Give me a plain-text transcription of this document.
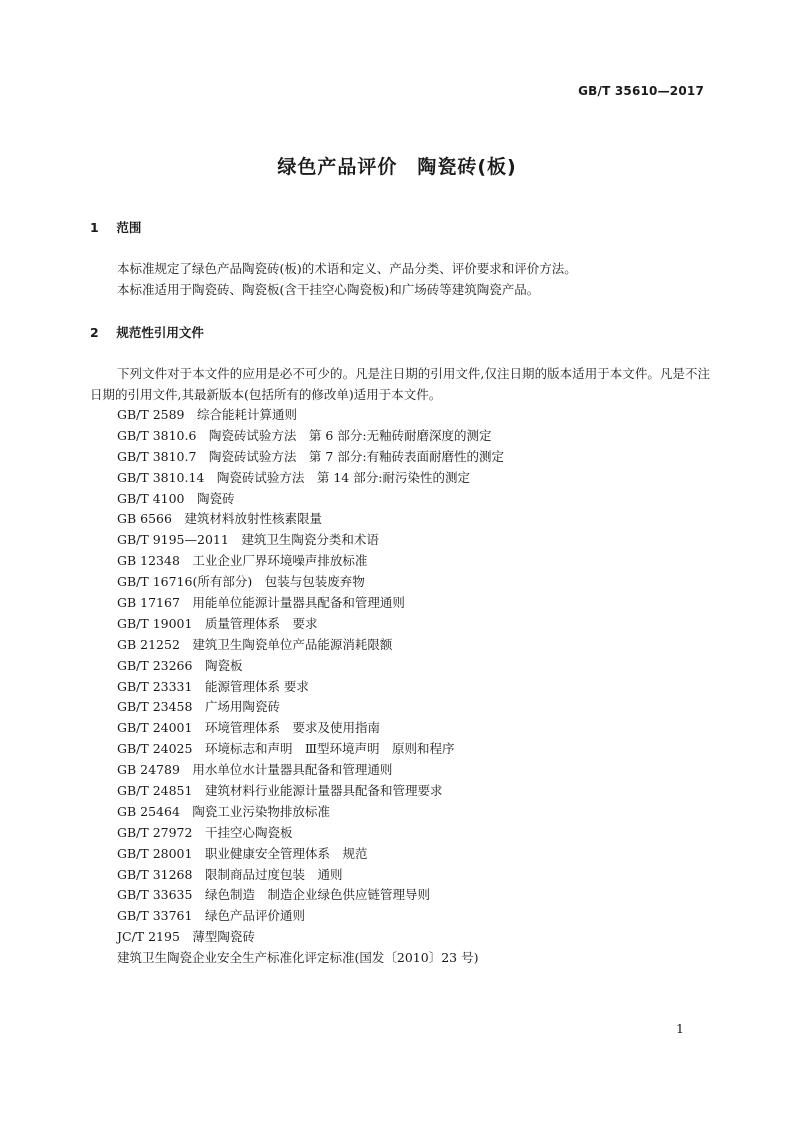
GB/T 35610—2017
绿色产品评价　陶瓷砖(板)
1 范围
本标准规定了绿色产品陶瓷砖(板)的术语和定义、产品分类、评价要求和评价方法。
本标准适用于陶瓷砖、陶瓷板(含干挂空心陶瓷板)和广场砖等建筑陶瓷产品。
2 规范性引用文件
下列文件对于本文件的应用是必不可少的。凡是注日期的引用文件,仅注日期的版本适用于本文件。凡是不注日期的引用文件,其最新版本(包括所有的修改单)适用于本文件。
GB/T 2589　综合能耗计算通则
GB/T 3810.6　陶瓷砖试验方法　第 6 部分:无釉砖耐磨深度的测定
GB/T 3810.7　陶瓷砖试验方法　第 7 部分:有釉砖表面耐磨性的测定
GB/T 3810.14　陶瓷砖试验方法　第 14 部分:耐污染性的测定
GB/T 4100　陶瓷砖
GB 6566　建筑材料放射性核素限量
GB/T 9195—2011　建筑卫生陶瓷分类和术语
GB 12348　工业企业厂界环境噪声排放标准
GB/T 16716(所有部分)　包装与包装废弃物
GB 17167　用能单位能源计量器具配备和管理通则
GB/T 19001　质量管理体系　要求
GB 21252　建筑卫生陶瓷单位产品能源消耗限额
GB/T 23266　陶瓷板
GB/T 23331　能源管理体系 要求
GB/T 23458　广场用陶瓷砖
GB/T 24001　环境管理体系　要求及使用指南
GB/T 24025　环境标志和声明　Ⅲ型环境声明　原则和程序
GB 24789　用水单位水计量器具配备和管理通则
GB/T 24851　建筑材料行业能源计量器具配备和管理要求
GB 25464　陶瓷工业污染物排放标准
GB/T 27972　干挂空心陶瓷板
GB/T 28001　职业健康安全管理体系　规范
GB/T 31268　限制商品过度包装　通则
GB/T 33635　绿色制造　制造企业绿色供应链管理导则
GB/T 33761　绿色产品评价通则
JC/T 2195　薄型陶瓷砖
建筑卫生陶瓷企业安全生产标准化评定标准(国发〔2010〕23 号)
1
